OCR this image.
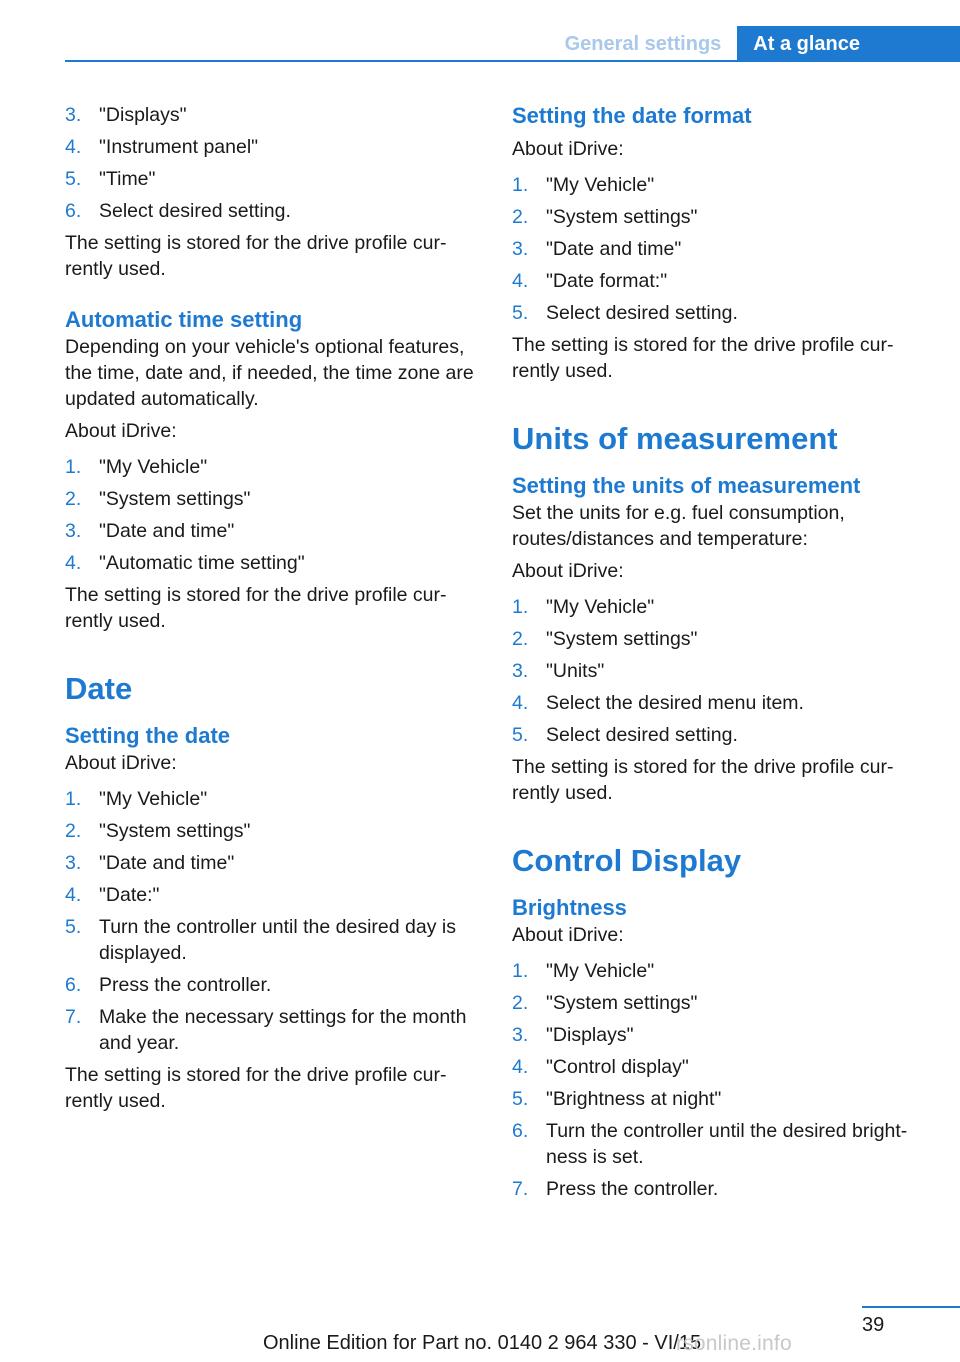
General settings	At a glance
3. "Displays"
4. "Instrument panel"
5. "Time"
6. Select desired setting.

The setting is stored for the drive profile cur-rently used.

Automatic time setting

Depending on your vehicle's optional features, the time, date and, if needed, the time zone are updated automatically.

About iDrive:

1. "My Vehicle"
2. "System settings"
3. "Date and time"
4. "Automatic time setting"

The setting is stored for the drive profile cur-rently used.

Date
Setting the date

About iDrive:

1. "My Vehicle"
2. "System settings"
3. "Date and time"
4. "Date:"
5. Turn the controller until the desired day is displayed.
6. Press the controller.
7. Make the necessary settings for the month and year.

The setting is stored for the drive profile cur-rently used.

Setting the date format

About iDrive:

1. "My Vehicle"
2. "System settings"
3. "Date and time"
4. "Date format:"
5. Select desired setting.

The setting is stored for the drive profile cur-rently used.

Units of measurement
Setting the units of measurement

Set the units for e.g. fuel consumption, routes/distances and temperature:

About iDrive:

1. "My Vehicle"
2. "System settings"
3. "Units"
4. Select the desired menu item.
5. Select desired setting.

The setting is stored for the drive profile cur-rently used.

Control Display
Brightness

About iDrive:

1. "My Vehicle"
2. "System settings"
3. "Displays"
4. "Control display"
5. "Brightness at night"
6. Turn the controller until the desired bright-ness is set.
7. Press the controller.
39
Online Edition for Part no. 0140 2 964 330 - VI/15
rsonline.info
